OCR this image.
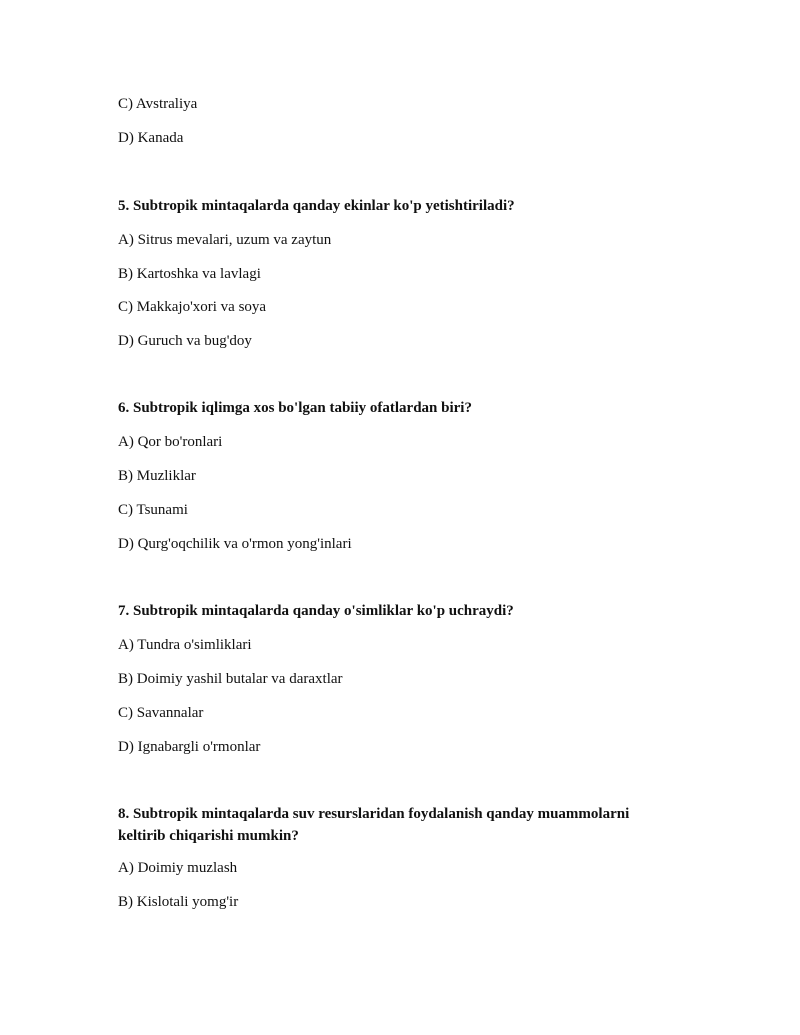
C) Avstraliya
D) Kanada
5. Subtropik mintaqalarda qanday ekinlar ko'p yetishtiriladi?
A) Sitrus mevalari, uzum va zaytun
B) Kartoshka va lavlagi
C) Makkajo'xori va soya
D) Guruch va bug'doy
6. Subtropik iqlimga xos bo'lgan tabiiy ofatlardan biri?
A) Qor bo'ronlari
B) Muzliklar
C) Tsunami
D) Qurg'oqchilik va o'rmon yong'inlari
7. Subtropik mintaqalarda qanday o'simliklar ko'p uchraydi?
A) Tundra o'simliklari
B) Doimiy yashil butalar va daraxtlar
C) Savannalar
D) Ignabargli o'rmonlar
8. Subtropik mintaqalarda suv resurslaridan foydalanish qanday muammolarni keltirib chiqarishi mumkin?
A) Doimiy muzlash
B) Kislotali yomg'ir
